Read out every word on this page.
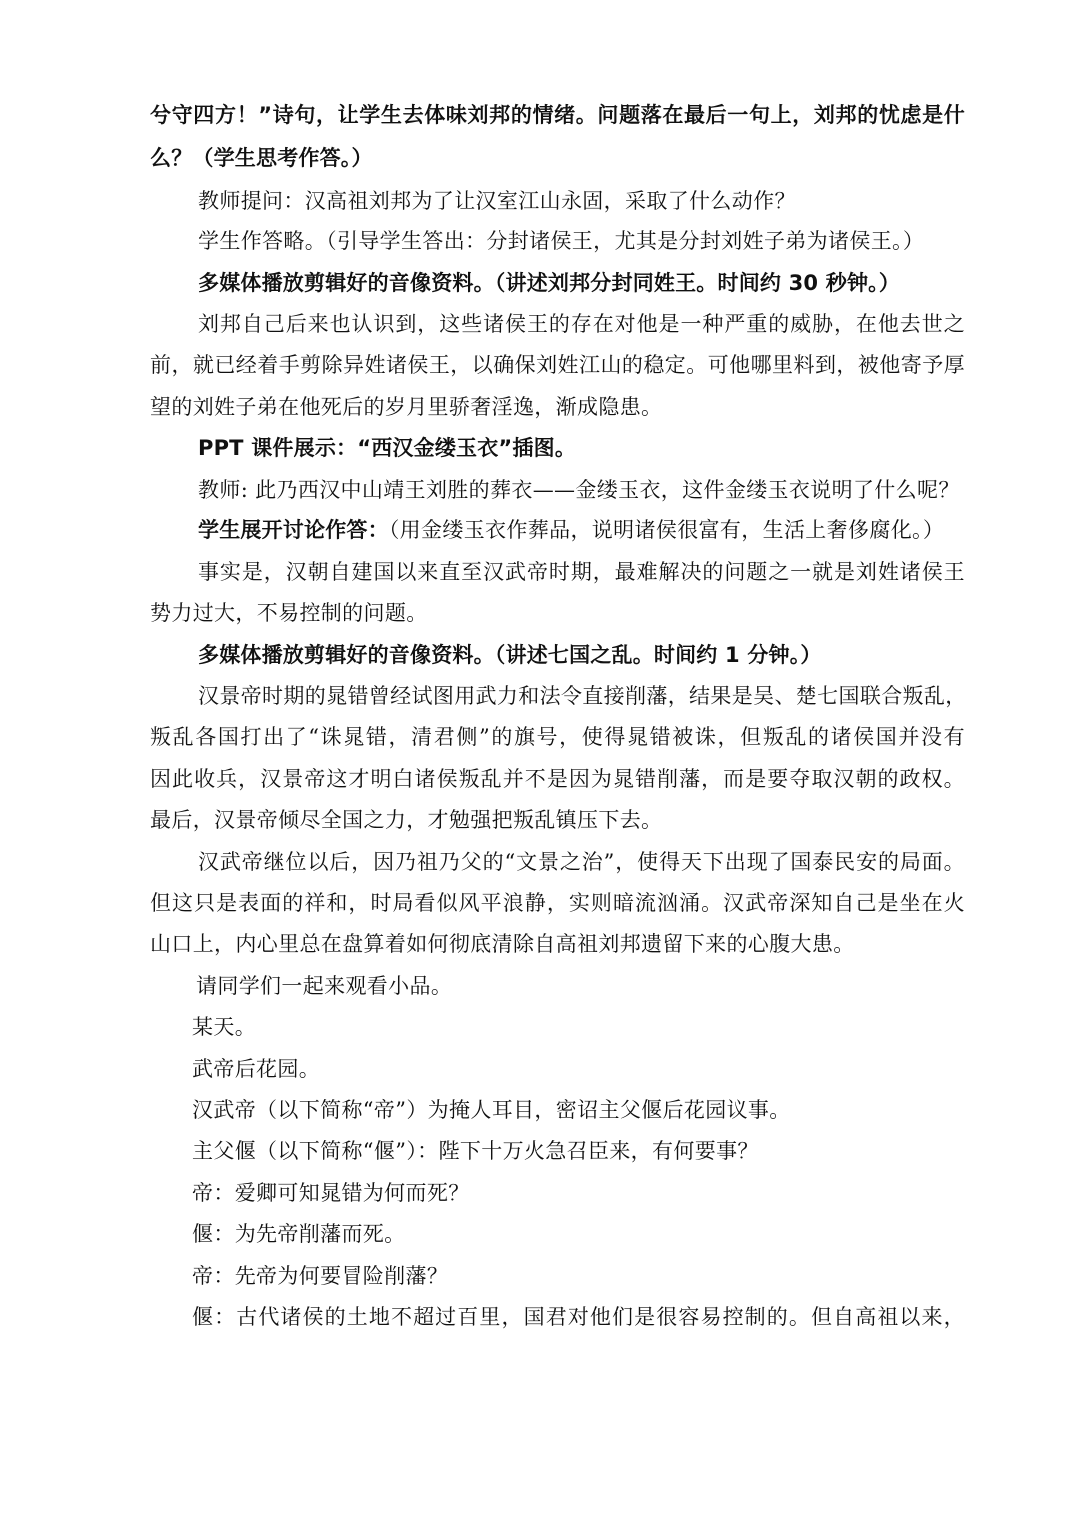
兮守四方！”诗句，让学生去体味刘邦的情绪。问题落在最后一句上，刘邦的忧虑是什
么？（学生思考作答。）
教师提问：汉高祖刘邦为了让汉室江山永固，采取了什么动作？
学生作答略。（引导学生答出：分封诸侯王，尤其是分封刘姓子弟为诸侯王。）
多媒体播放剪辑好的音像资料。（讲述刘邦分封同姓王。时间约 30 秒钟。）
刘邦自己后来也认识到，这些诸侯王的存在对他是一种严重的威胁，在他去世之
前，就已经着手剪除异姓诸侯王，以确保刘姓江山的稳定。可他哪里料到，被他寄予厚
望的刘姓子弟在他死后的岁月里骄奢淫逸，渐成隐患。
PPT 课件展示：“西汉金缕玉衣”插图。
教师: 此乃西汉中山靖王刘胜的葬衣——金缕玉衣，这件金缕玉衣说明了什么呢？
学生展开讨论作答：（用金缕玉衣作葬品，说明诸侯很富有，生活上奢侈腐化。）
事实是，汉朝自建国以来直至汉武帝时期，最难解决的问题之一就是刘姓诸侯王
势力过大，不易控制的问题。
多媒体播放剪辑好的音像资料。（讲述七国之乱。时间约 1 分钟。）
汉景帝时期的晁错曾经试图用武力和法令直接削藩，结果是吴、楚七国联合叛乱，
叛乱各国打出了“诛晁错，清君侧”的旗号，使得晁错被诛，但叛乱的诸侯国并没有
因此收兵，汉景帝这才明白诸侯叛乱并不是因为晁错削藩，而是要夺取汉朝的政权。
最后，汉景帝倾尽全国之力，才勉强把叛乱镇压下去。
汉武帝继位以后，因乃祖乃父的“文景之治”，使得天下出现了国泰民安的局面。
但这只是表面的祥和，时局看似风平浪静，实则暗流汹涌。汉武帝深知自己是坐在火
山口上，内心里总在盘算着如何彻底清除自高祖刘邦遗留下来的心腹大患。
请同学们一起来观看小品。
某天。
武帝后花园。
汉武帝（以下简称“帝”）为掩人耳目，密诏主父偃后花园议事。
主父偃（以下简称“偃”）：陛下十万火急召臣来，有何要事？
帝：爱卿可知晁错为何而死？
偃：为先帝削藩而死。
帝：先帝为何要冒险削藩？
偃：古代诸侯的土地不超过百里，国君对他们是很容易控制的。但自高祖以来，
